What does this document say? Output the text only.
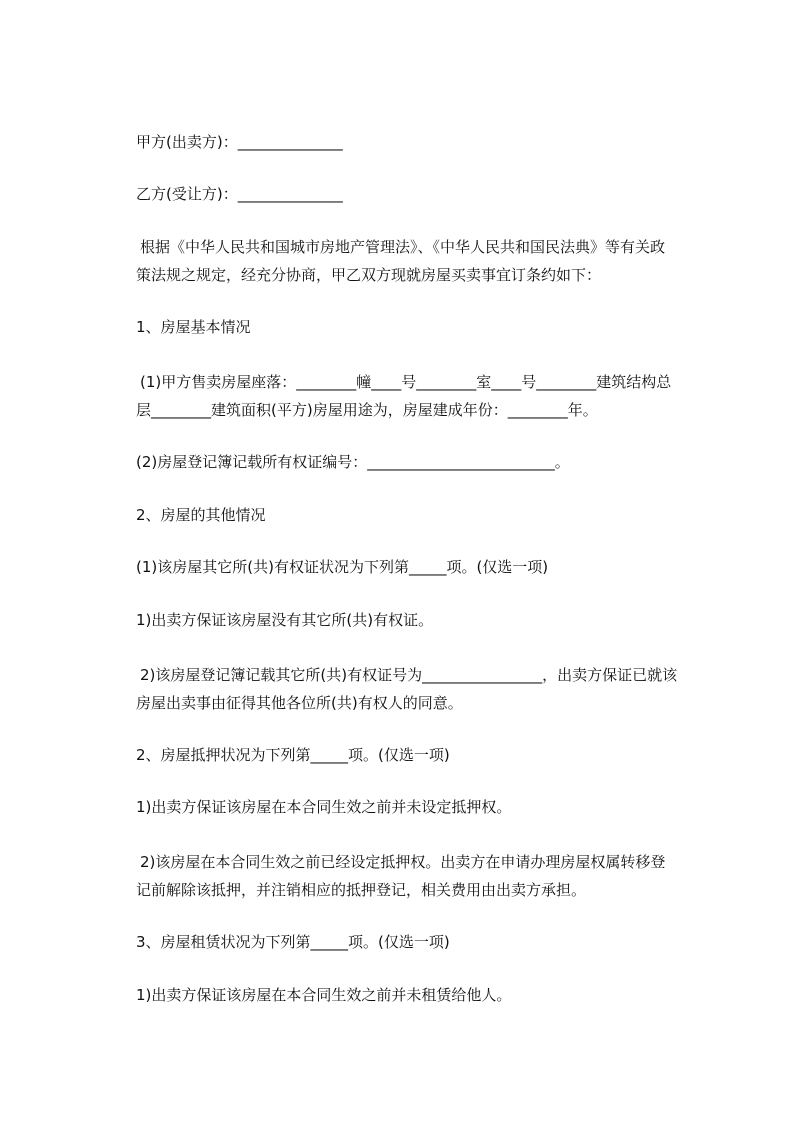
甲方(出卖方)：______________

乙方(受让方)：______________

根据《中华人民共和国城市房地产管理法》、《中华人民共和国民法典》等有关政

策法规之规定，经充分协商，甲乙双方现就房屋买卖事宜订条约如下：

1、房屋基本情况

(1)甲方售卖房屋座落：________幢____号________室____号________建筑结构总

层________建筑面积(平方)房屋用途为，房屋建成年份：________年。

(2)房屋登记簿记载所有权证编号：_________________________。

2、房屋的其他情况

(1)该房屋其它所(共)有权证状况为下列第_____项。(仅选一项)

1)出卖方保证该房屋没有其它所(共)有权证。

2)该房屋登记簿记载其它所(共)有权证号为________________，出卖方保证已就该

房屋出卖事由征得其他各位所(共)有权人的同意。

2、房屋抵押状况为下列第_____项。(仅选一项)

1)出卖方保证该房屋在本合同生效之前并未设定抵押权。

2)该房屋在本合同生效之前已经设定抵押权。出卖方在申请办理房屋权属转移登

记前解除该抵押，并注销相应的抵押登记，相关费用由出卖方承担。

3、房屋租赁状况为下列第_____项。(仅选一项)

1)出卖方保证该房屋在本合同生效之前并未租赁给他人。
